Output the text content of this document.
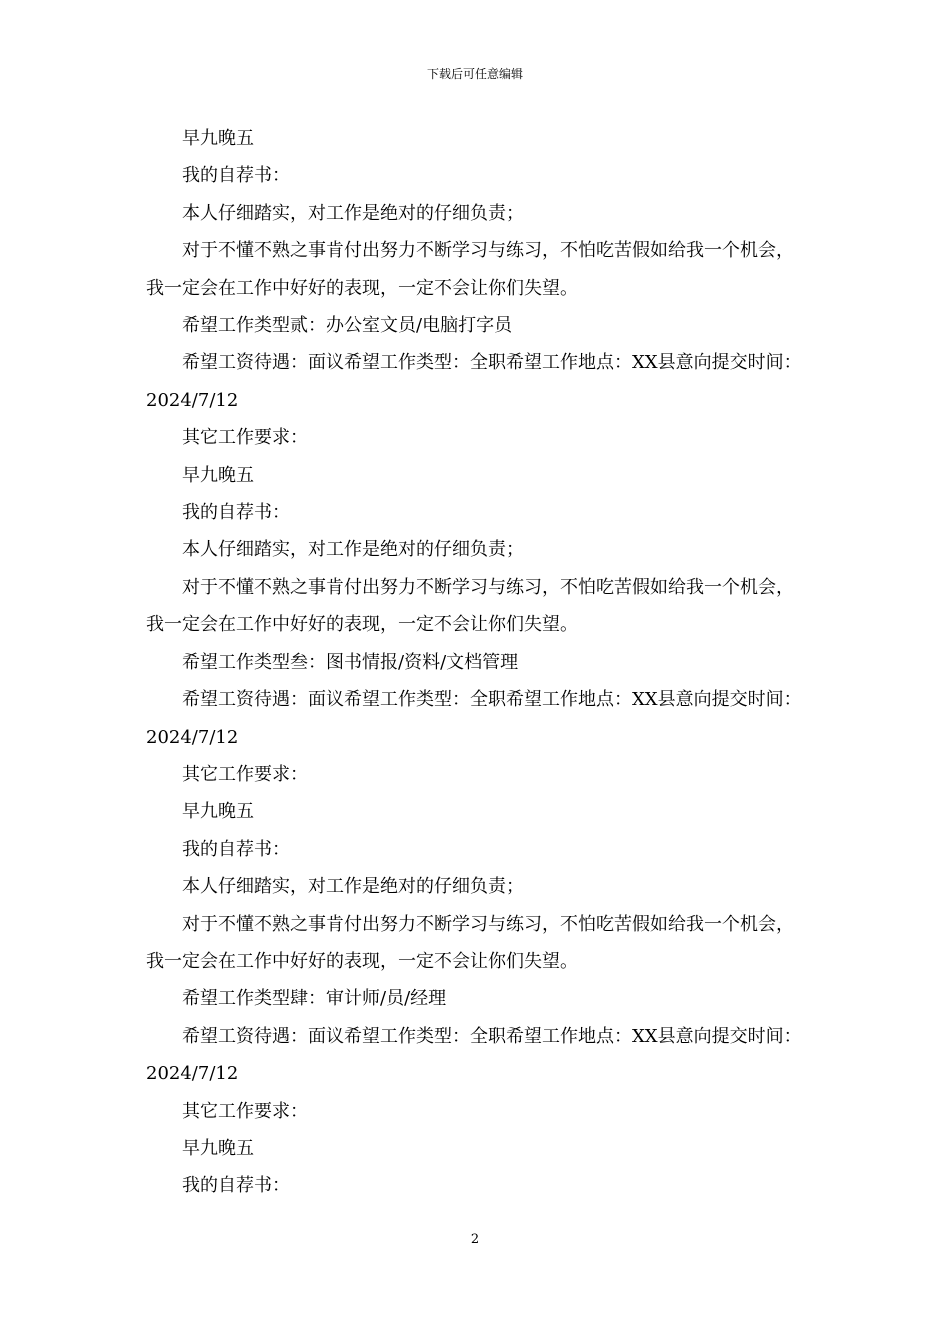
下载后可任意编辑

早九晚五

我的自荐书：

本人仔细踏实，对工作是绝对的仔细负责；

对于不懂不熟之事肯付出努力不断学习与练习，不怕吃苦假如给我一个机会，我一定会在工作中好好的表现，一定不会让你们失望。

希望工作类型贰：办公室文员/电脑打字员

希望工资待遇：面议希望工作类型：全职希望工作地点：XX县意向提交时间：2024/7/12

其它工作要求：

早九晚五

我的自荐书：

本人仔细踏实，对工作是绝对的仔细负责；

对于不懂不熟之事肯付出努力不断学习与练习，不怕吃苦假如给我一个机会，我一定会在工作中好好的表现，一定不会让你们失望。

希望工作类型叁：图书情报/资料/文档管理

希望工资待遇：面议希望工作类型：全职希望工作地点：XX县意向提交时间：2024/7/12

其它工作要求：

早九晚五

我的自荐书：

本人仔细踏实，对工作是绝对的仔细负责；

对于不懂不熟之事肯付出努力不断学习与练习，不怕吃苦假如给我一个机会，我一定会在工作中好好的表现，一定不会让你们失望。

希望工作类型肆：审计师/员/经理

希望工资待遇：面议希望工作类型：全职希望工作地点：XX县意向提交时间：2024/7/12

其它工作要求：

早九晚五

我的自荐书：

2
